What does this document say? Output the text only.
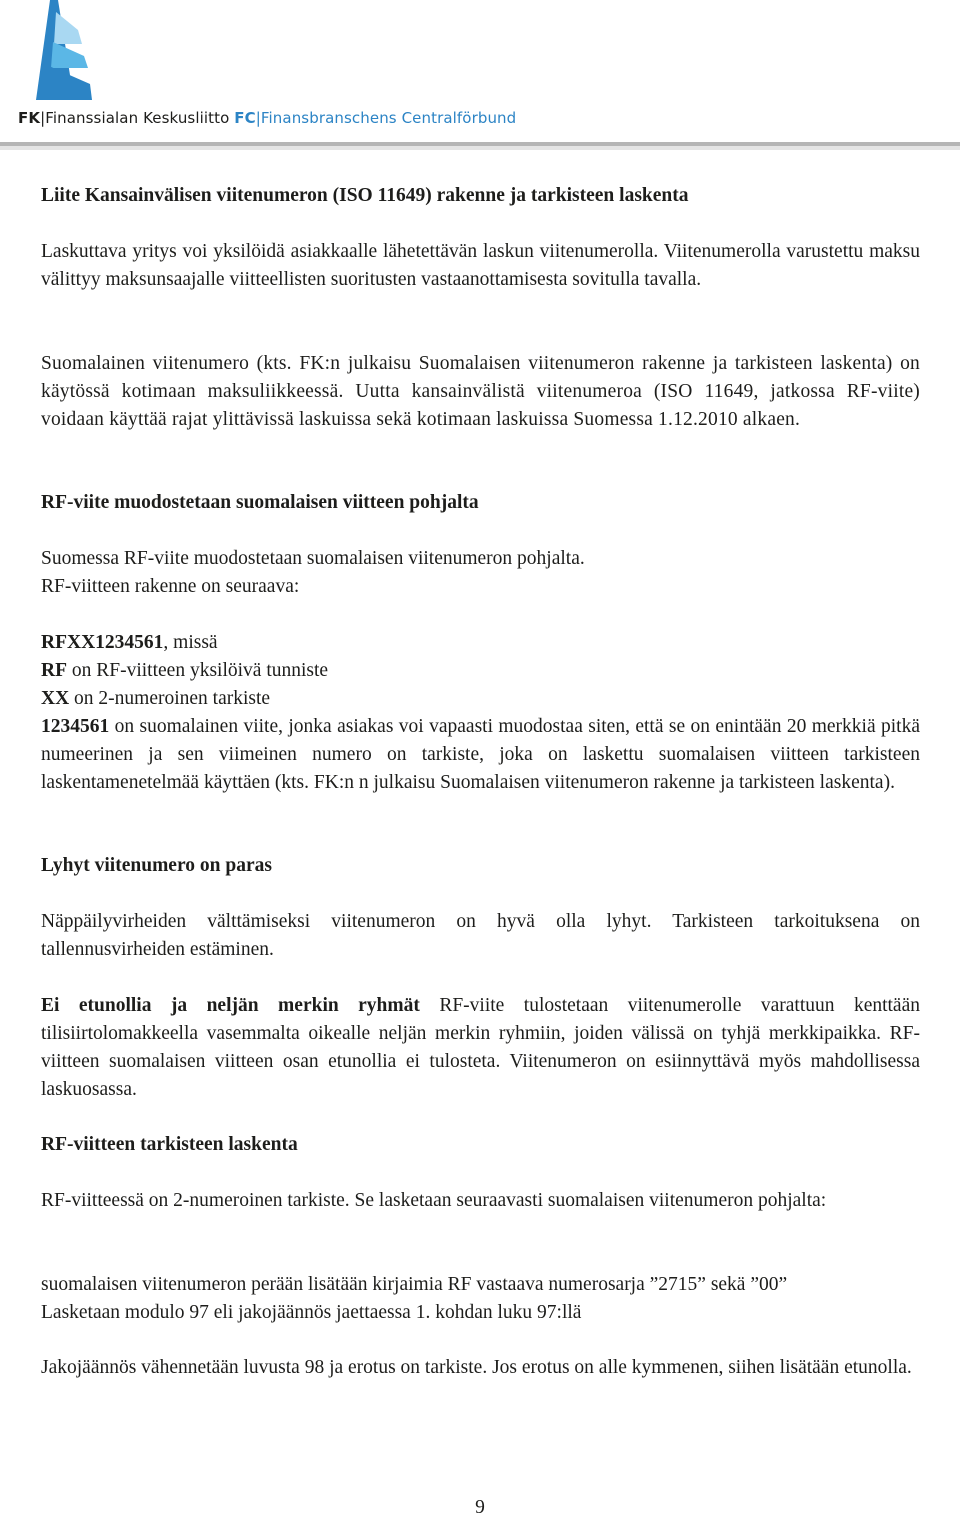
FK|Finanssialan Keskusliitto FC|Finansbranschens Centralförbund

Liite Kansainvälisen viitenumeron (ISO 11649) rakenne ja tarkisteen laskenta

Laskuttava yritys voi yksilöidä asiakkaalle lähetettävän laskun viitenumerolla. Viitenumerolla varustettu maksu välittyy maksunsaajalle viitteellisten suoritusten vastaanottamisesta sovitulla tavalla.

Suomalainen viitenumero (kts. FK:n julkaisu Suomalaisen viitenumeron rakenne ja tarkisteen laskenta) on käytössä kotimaan maksuliikkeessä. Uutta kansainvälistä viitenumeroa (ISO 11649, jatkossa RF-viite) voidaan käyttää rajat ylittävissä laskuissa sekä kotimaan laskuissa Suomessa 1.12.2010 alkaen.

RF-viite muodostetaan suomalaisen viitteen pohjalta

Suomessa RF-viite muodostetaan suomalaisen viitenumeron pohjalta.

RF-viitteen rakenne on seuraava:

RFXX1234561, missä

RF on RF-viitteen yksilöivä tunniste

XX on 2-numeroinen tarkiste

1234561 on suomalainen viite, jonka asiakas voi vapaasti muodostaa siten, että se on enintään 20 merkkiä pitkä numeerinen ja sen viimeinen numero on tarkiste, joka on laskettu suomalaisen viitteen tarkisteen laskentamenetelmää käyttäen (kts. FK:n n julkaisu Suomalaisen viitenumeron rakenne ja tarkisteen laskenta).

Lyhyt viitenumero on paras

Näppäilyvirheiden välttämiseksi viitenumeron on hyvä olla lyhyt. Tarkisteen tarkoituksena on tallennusvirheiden estäminen.

Ei etunollia ja neljän merkin ryhmät RF-viite tulostetaan viitenumerolle varattuun kenttään tilisiirtolomakkeella vasemmalta oikealle neljän merkin ryhmiin, joiden välissä on tyhjä merkkipaikka. RF-viitteen suomalaisen viitteen osan etunollia ei tulosteta. Viitenumeron on esiinnyttävä myös mahdollisessa laskuosassa.

RF-viitteen tarkisteen laskenta

RF-viitteessä on 2-numeroinen tarkiste. Se lasketaan seuraavasti suomalaisen viitenumeron pohjalta:

suomalaisen viitenumeron perään lisätään kirjaimia RF vastaava numerosarja ”2715” sekä ”00”

Lasketaan modulo 97 eli jakojäännös jaettaessa 1. kohdan luku 97:llä

Jakojäännös vähennetään luvusta 98 ja erotus on tarkiste. Jos erotus on alle kymmenen, siihen lisätään etunolla.

9
